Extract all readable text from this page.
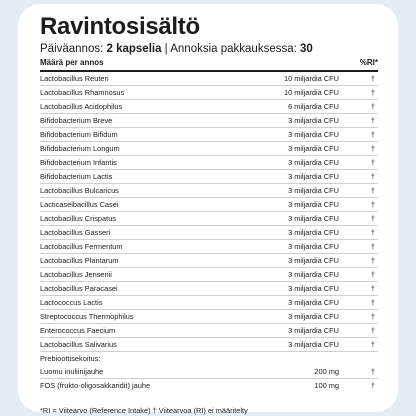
Ravintosisältö
Päiväannos: 2 kapselia | Annoksia pakkauksessa: 30
Määrä per annos	%RI*
Lactobacillus Reuteri	10 miljardia CFU	†
Lactobacillus Rhamnosus	10 miljardia CFU	†
Lactobacillus Acidophilus	6 miljardia CFU	†
Bifidobacterium Breve	3 miljardia CFU	†
Bifidobacterium Bifidum	3 miljardia CFU	†
Bifidobacterium Longum	3 miljardia CFU	†
Bifidobacterium Infantis	3 miljardia CFU	†
Bifidobacterium Lactis	3 miljardia CFU	†
Lactobacillus Bulcaricus	3 miljardia CFU	†
Lacticaseibacillus Casei	3 miljardia CFU	†
Lactobacillus Crispatus	3 miljardia CFU	†
Lactobacillus Gasseri	3 miljardia CFU	†
Lactobacillus Fermentum	3 miljardia CFU	†
Lactobacillus Plantarum	3 miljardia CFU	†
Lactobacillus Jensenii	3 miljardia CFU	†
Lactobacillus Paracasei	3 miljardia CFU	†
Lactococcus Lactis	3 miljardia CFU	†
Streptococcus Thermophilus	3 miljardia CFU	†
Enterococcus Faecium	3 miljardia CFU	†
Lactobacillus Salivarius	3 miljardia CFU	†
Prebioottisekoitus:		
Luomu inuliinijauhe	200 mg	†
FOS (frukto-oligosakkaridit) jauhe	100 mg	†
*RI = Viitearvo (Reference Intake) † Viitearvoa (RI) ei määritelty
